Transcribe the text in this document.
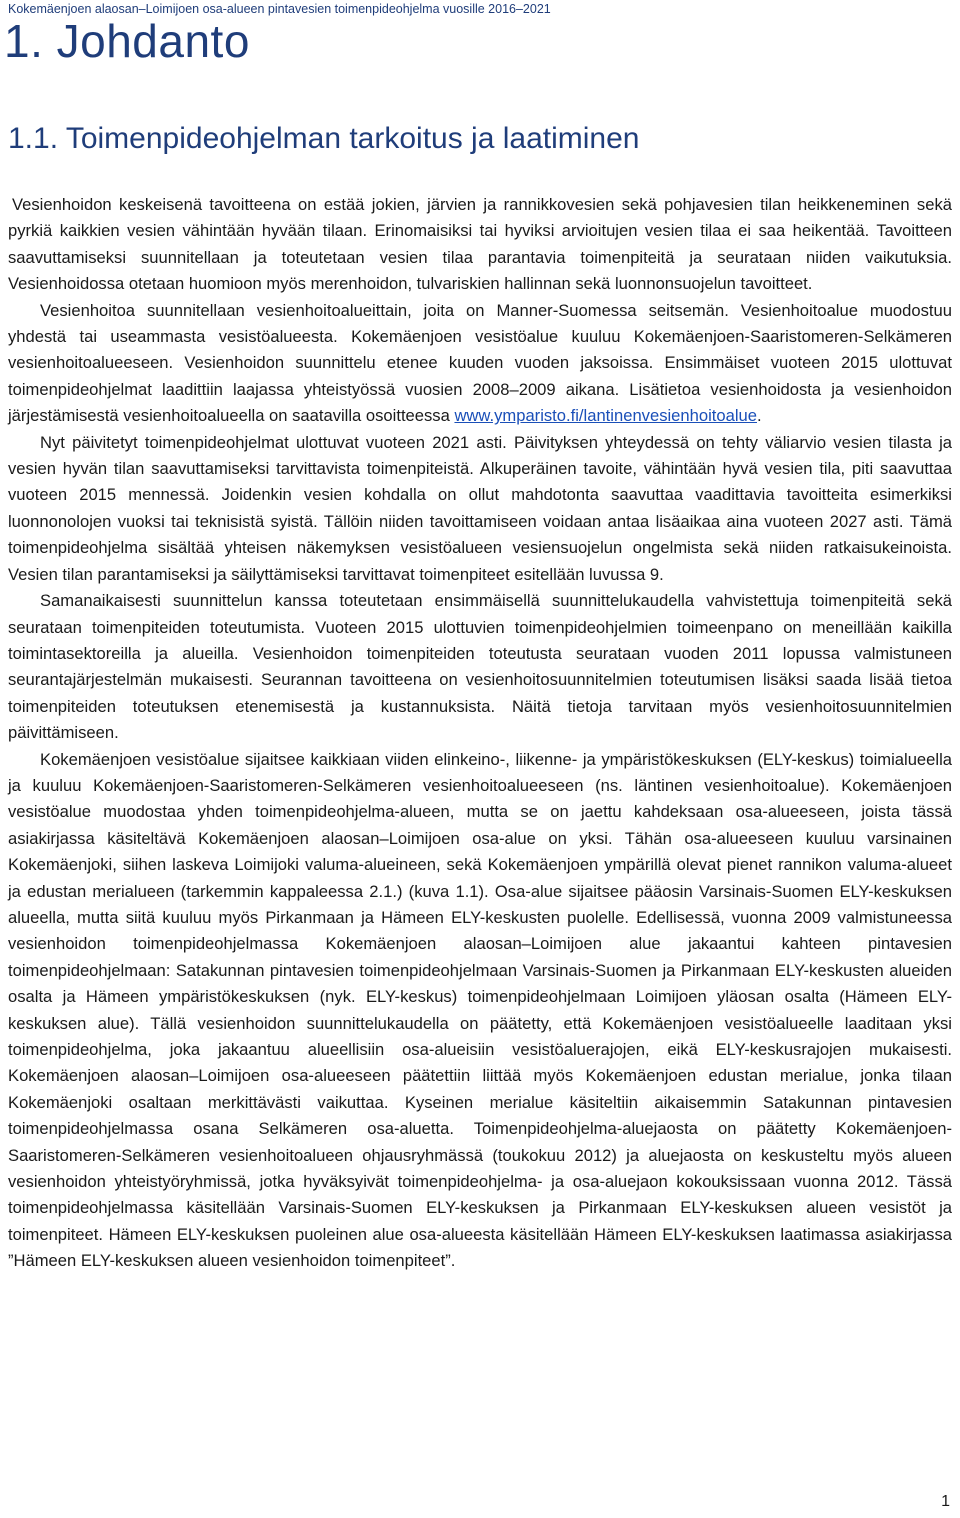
Kokemäenjoen alaosan–Loimijoen osa-alueen pintavesien toimenpideohjelma vuosille 2016–2021
1. Johdanto
1.1. Toimenpideohjelman tarkoitus ja laatiminen

Vesienhoidon keskeisenä tavoitteena on estää jokien, järvien ja rannikkovesien sekä pohjavesien tilan heikkeneminen sekä pyrkiä kaikkien vesien vähintään hyvään tilaan. Erinomaisiksi tai hyviksi arvioitujen vesien tilaa ei saa heikentää. Tavoitteen saavuttamiseksi suunnitellaan ja toteutetaan vesien tilaa parantavia toimenpiteitä ja seurataan niiden vaikutuksia. Vesienhoidossa otetaan huomioon myös merenhoidon, tulvariskien hallinnan sekä luonnonsuojelun tavoitteet.

Vesienhoitoa suunnitellaan vesienhoitoalueittain, joita on Manner-Suomessa seitsemän. Vesienhoitoalue muodostuu yhdestä tai useammasta vesistöalueesta. Kokemäenjoen vesistöalue kuuluu Kokemäenjoen-Saaristomeren-Selkämeren vesienhoitoalueeseen. Vesienhoidon suunnittelu etenee kuuden vuoden jaksoissa. Ensimmäiset vuoteen 2015 ulottuvat toimenpideohjelmat laadittiin laajassa yhteistyössä vuosien 2008–2009 aikana. Lisätietoa vesienhoidosta ja vesienhoidon järjestämisestä vesienhoitoalueella on saatavilla osoitteessa www.ymparisto.fi/lantinenvesienhoitoalue.

Nyt päivitetyt toimenpideohjelmat ulottuvat vuoteen 2021 asti. Päivityksen yhteydessä on tehty väliarvio vesien tilasta ja vesien hyvän tilan saavuttamiseksi tarvittavista toimenpiteistä. Alkuperäinen tavoite, vähintään hyvä vesien tila, piti saavuttaa vuoteen 2015 mennessä. Joidenkin vesien kohdalla on ollut mahdotonta saavuttaa vaadittavia tavoitteita esimerkiksi luonnonolojen vuoksi tai teknisistä syistä. Tällöin niiden tavoittamiseen voidaan antaa lisäaikaa aina vuoteen 2027 asti. Tämä toimenpideohjelma sisältää yhteisen näkemyksen vesistöalueen vesiensuojelun ongelmista sekä niiden ratkaisukeinoista. Vesien tilan parantamiseksi ja säilyttämiseksi tarvittavat toimenpiteet esitellään luvussa 9.

Samanaikaisesti suunnittelun kanssa toteutetaan ensimmäisellä suunnittelukaudella vahvistettuja toimenpiteitä sekä seurataan toimenpiteiden toteutumista. Vuoteen 2015 ulottuvien toimenpideohjelmien toimeenpano on meneillään kaikilla toimintasektoreilla ja alueilla. Vesienhoidon toimenpiteiden toteutusta seurataan vuoden 2011 lopussa valmistuneen seurantajärjestelmän mukaisesti. Seurannan tavoitteena on vesienhoitosuunnitelmien toteutumisen lisäksi saada lisää tietoa toimenpiteiden toteutuksen etenemisestä ja kustannuksista. Näitä tietoja tarvitaan myös vesienhoitosuunnitelmien päivittämiseen.

Kokemäenjoen vesistöalue sijaitsee kaikkiaan viiden elinkeino-, liikenne- ja ympäristökeskuksen (ELY-keskus) toimialueella ja kuuluu Kokemäenjoen-Saaristomeren-Selkämeren vesienhoitoalueeseen (ns. läntinen vesienhoitoalue). Kokemäenjoen vesistöalue muodostaa yhden toimenpideohjelma-alueen, mutta se on jaettu kahdeksaan osa-alueeseen, joista tässä asiakirjassa käsiteltävä Kokemäenjoen alaosan–Loimijoen osa-alue on yksi. Tähän osa-alueeseen kuuluu varsinainen Kokemäenjoki, siihen laskeva Loimijoki valuma-alueineen, sekä Kokemäenjoen ympärillä olevat pienet rannikon valuma-alueet ja edustan merialueen (tarkemmin kappaleessa 2.1.) (kuva 1.1). Osa-alue sijaitsee pääosin Varsinais-Suomen ELY-keskuksen alueella, mutta siitä kuuluu myös Pirkanmaan ja Hämeen ELY-keskusten puolelle. Edellisessä, vuonna 2009 valmistuneessa vesienhoidon toimenpideohjelmassa Kokemäenjoen alaosan–Loimijoen alue jakaantui kahteen pintavesien toimenpideohjelmaan: Satakunnan pintavesien toimenpideohjelmaan Varsinais-Suomen ja Pirkanmaan ELY-keskusten alueiden osalta ja Hämeen ympäristökeskuksen (nyk. ELY-keskus) toimenpideohjelmaan Loimijoen yläosan osalta (Hämeen ELY-keskuksen alue). Tällä vesienhoidon suunnittelukaudella on päätetty, että Kokemäenjoen vesistöalueelle laaditaan yksi toimenpideohjelma, joka jakaantuu alueellisiin osa-alueisiin vesistöaluerajojen, eikä ELY-keskusrajojen mukaisesti. Kokemäenjoen alaosan–Loimijoen osa-alueeseen päätettiin liittää myös Kokemäenjoen edustan merialue, jonka tilaan Kokemäenjoki osaltaan merkittävästi vaikuttaa. Kyseinen merialue käsiteltiin aikaisemmin Satakunnan pintavesien toimenpideohjelmassa osana Selkämeren osa-aluetta. Toimenpideohjelma-aluejaosta on päätetty Kokemäenjoen-Saaristomeren-Selkämeren vesienhoitoalueen ohjausryhmässä (toukokuu 2012) ja aluejaosta on keskusteltu myös alueen vesienhoidon yhteistyöryhmissä, jotka hyväksyivät toimenpideohjelma- ja osa-aluejaon kokouksissaan vuonna 2012. Tässä toimenpideohjelmassa käsitellään Varsinais-Suomen ELY-keskuksen ja Pirkanmaan ELY-keskuksen alueen vesistöt ja toimenpiteet. Hämeen ELY-keskuksen puoleinen alue osa-alueesta käsitellään Hämeen ELY-keskuksen laatimassa asiakirjassa ”Hämeen ELY-keskuksen alueen vesienhoidon toimenpiteet”.

1
